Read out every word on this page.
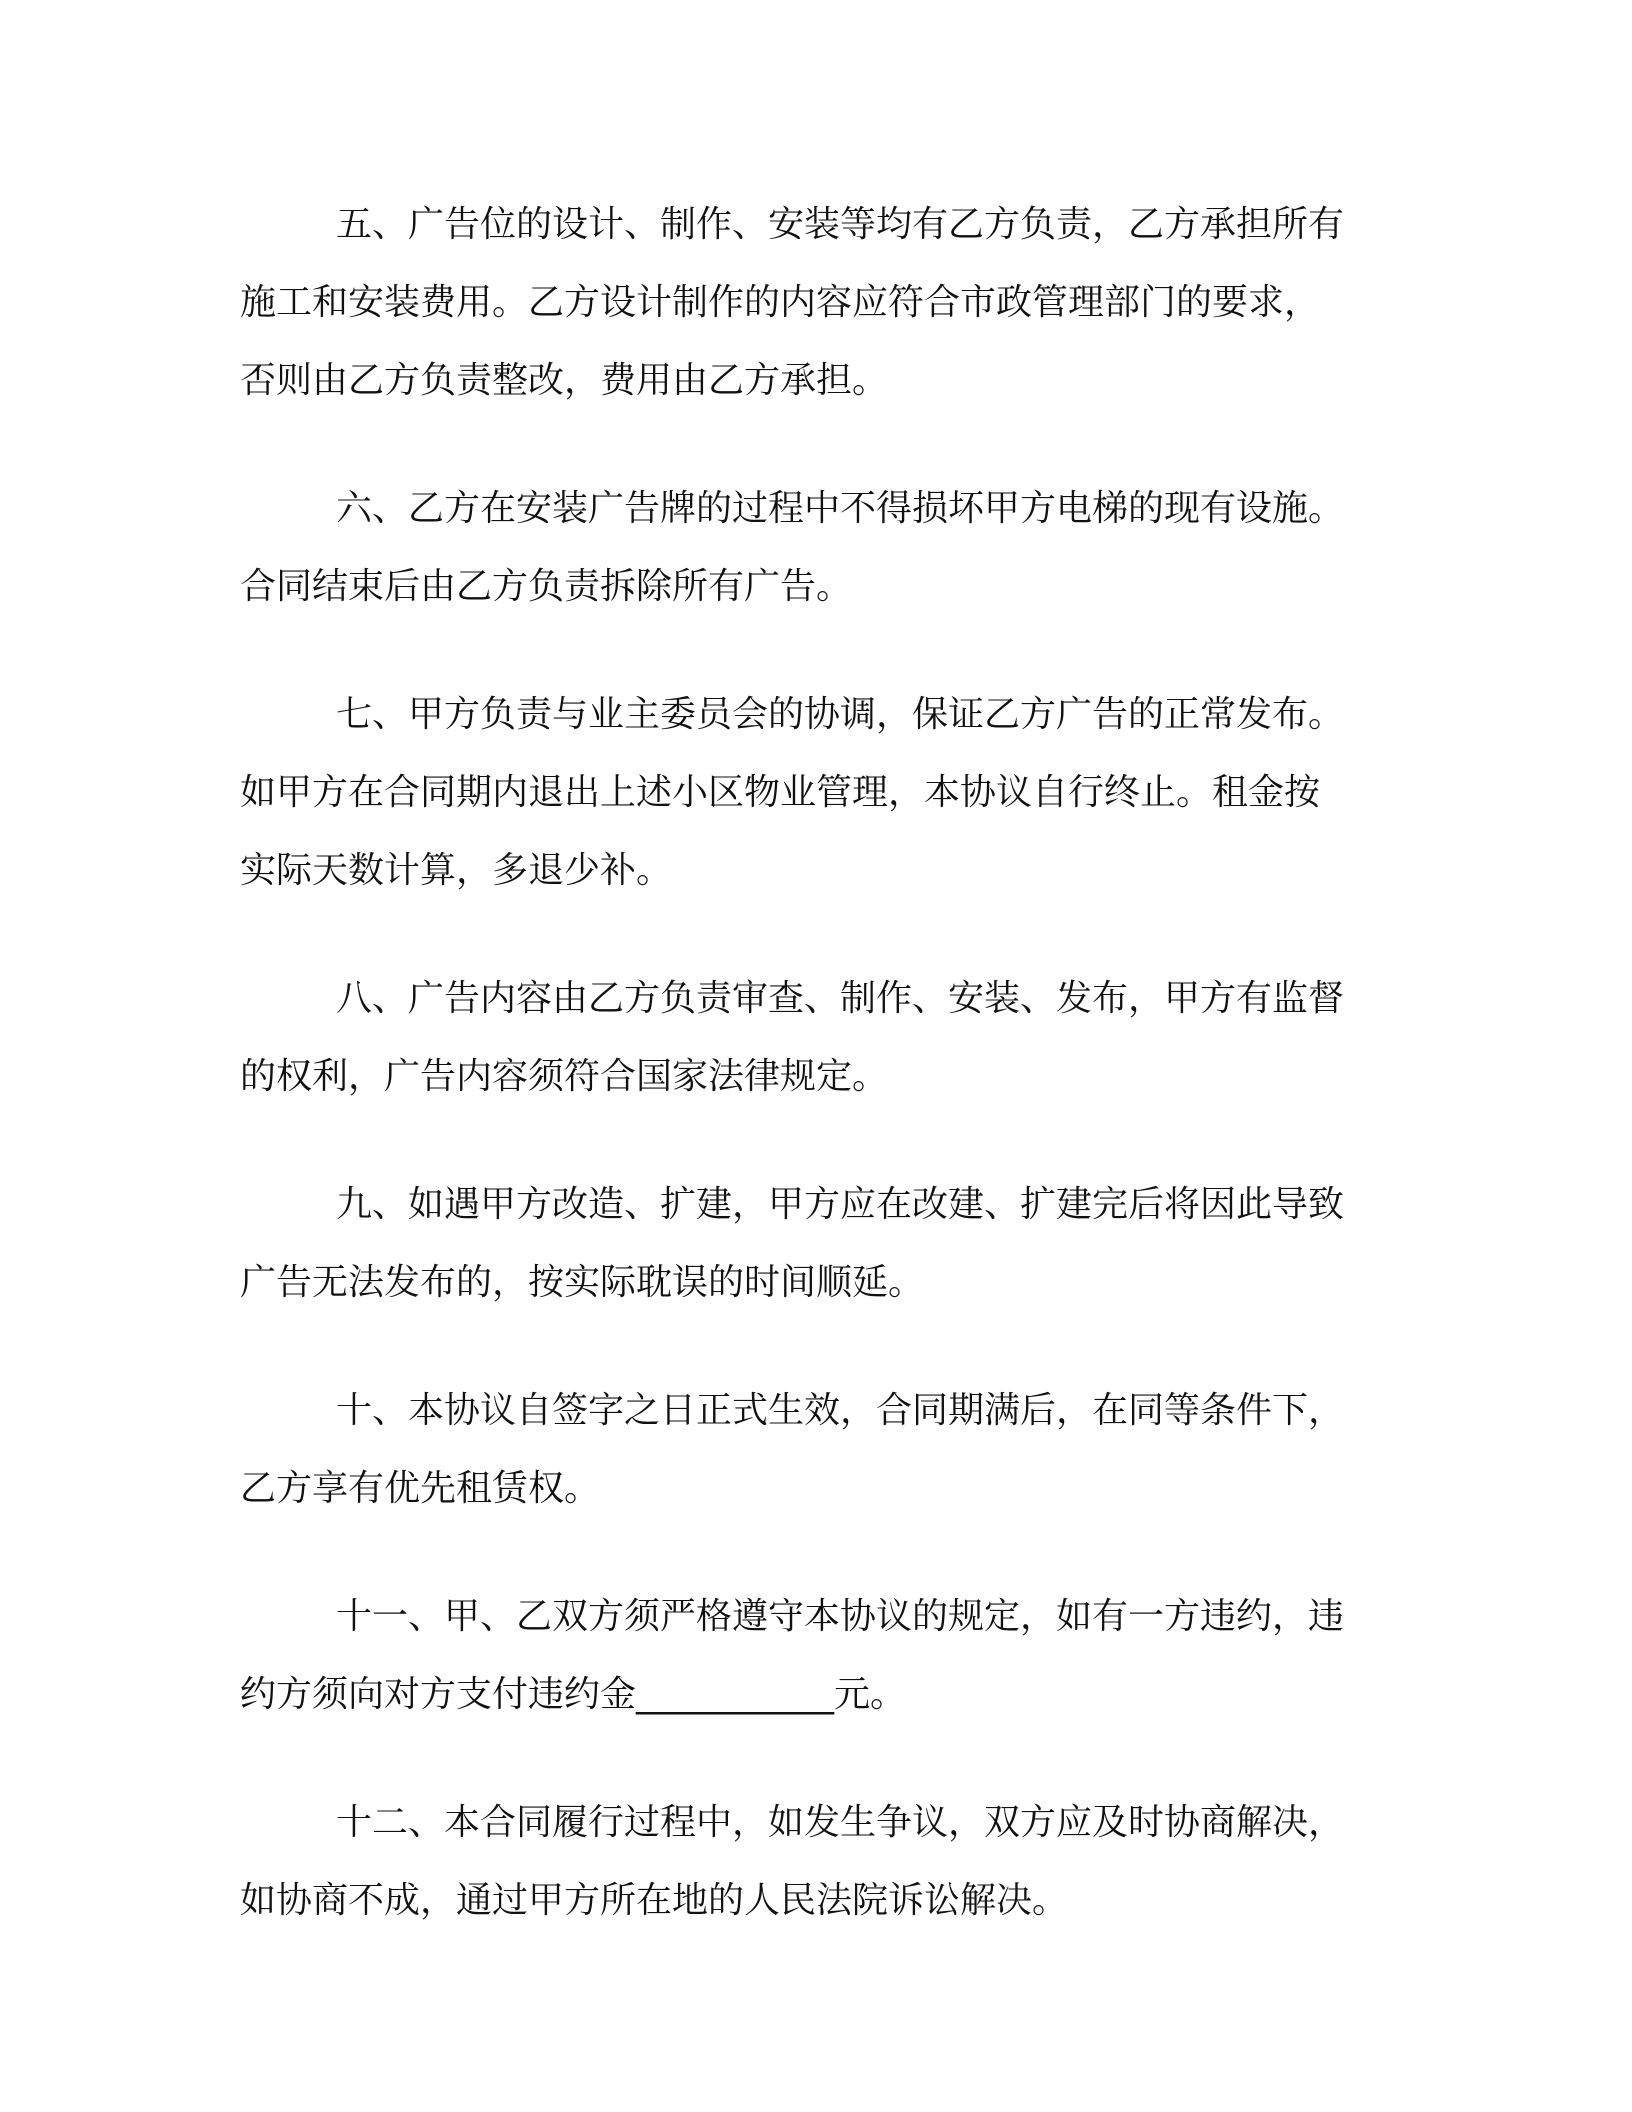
五、广告位的设计、制作、安装等均有乙方负责，乙方承担所有
施工和安装费用。乙方设计制作的内容应符合市政管理部门的要求，
否则由乙方负责整改，费用由乙方承担。

六、乙方在安装广告牌的过程中不得损坏甲方电梯的现有设施。
合同结束后由乙方负责拆除所有广告。

七、甲方负责与业主委员会的协调，保证乙方广告的正常发布。
如甲方在合同期内退出上述小区物业管理，本协议自行终止。租金按
实际天数计算，多退少补。

八、广告内容由乙方负责审查、制作、安装、发布，甲方有监督
的权利，广告内容须符合国家法律规定。

九、如遇甲方改造、扩建，甲方应在改建、扩建完后将因此导致
广告无法发布的，按实际耽误的时间顺延。

十、本协议自签字之日正式生效，合同期满后，在同等条件下，
乙方享有优先租赁权。

十一、甲、乙双方须严格遵守本协议的规定，如有一方违约，违
约方须向对方支付违约金___________元。

十二、本合同履行过程中，如发生争议，双方应及时协商解决，
如协商不成，通过甲方所在地的人民法院诉讼解决。
